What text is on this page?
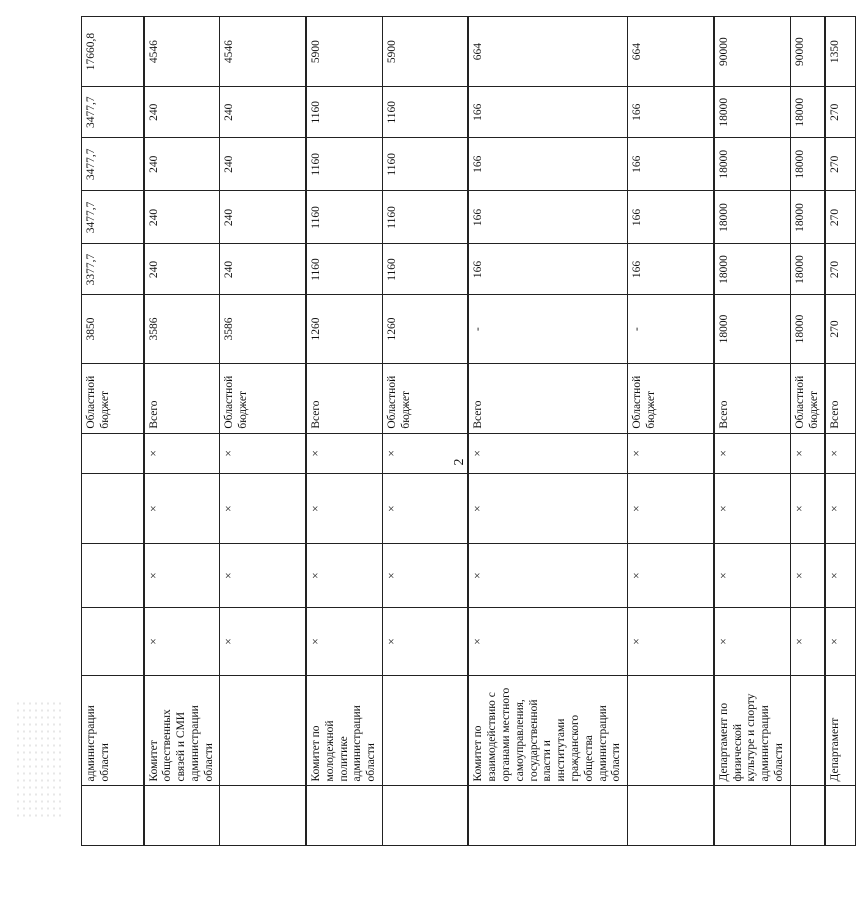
2
	администрации области					Областной бюджет	3850	3377,7	3477,7	3477,7	3477,7	17660,8
	Комитет общественных связей и СМИ администрации области	×	×	×	×	Всего	3586	240	240	240	240	4546
		×	×	×	×	Областной бюджет	3586	240	240	240	240	4546
	Комитет по молодежной политике администрации области	×	×	×	×	Всего	1260	1160	1160	1160	1160	5900
		×	×	×	×	Областной бюджет	1260	1160	1160	1160	1160	5900
	Комитет по взаимодействию с органами местного самоуправления, государственной власти и институтами гражданского общества администрации области	×	×	×	×	Всего	-	166	166	166	166	664
		×	×	×	×	Областной бюджет	-	166	166	166	166	664
	Департамент по физической культуре и спорту администрации области	×	×	×	×	Всего	18000	18000	18000	18000	18000	90000
		×	×	×	×	Областной бюджет	18000	18000	18000	18000	18000	90000
	Департамент	×	×	×	×	Всего	270	270	270	270	270	1350
